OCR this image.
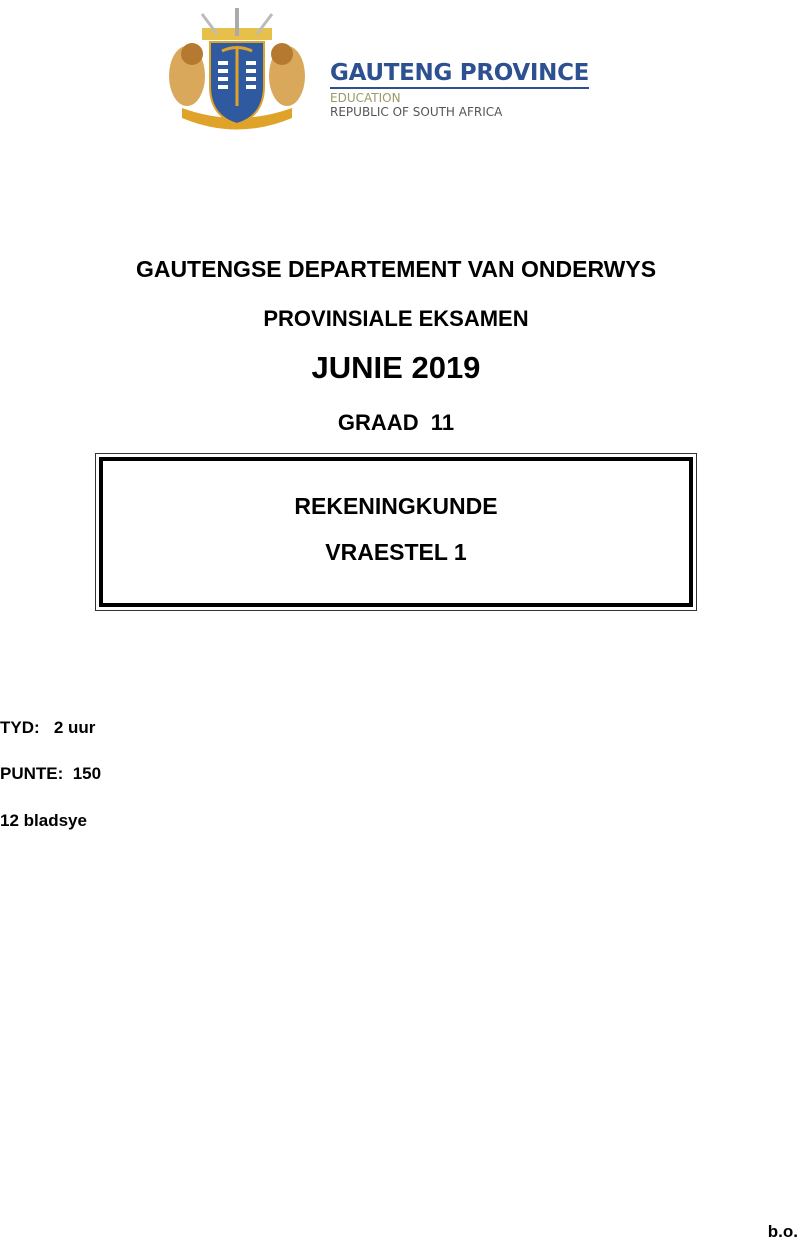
GAUTENG PROVINCE
EDUCATION
REPUBLIC OF SOUTH AFRICA
GAUTENGSE DEPARTEMENT VAN ONDERWYS
PROVINSIALE EKSAMEN
JUNIE 2019
GRAAD  11
REKENINGKUNDE
VRAESTEL 1
TYD:   2 uur
PUNTE:  150
12 bladsye
b.o.
